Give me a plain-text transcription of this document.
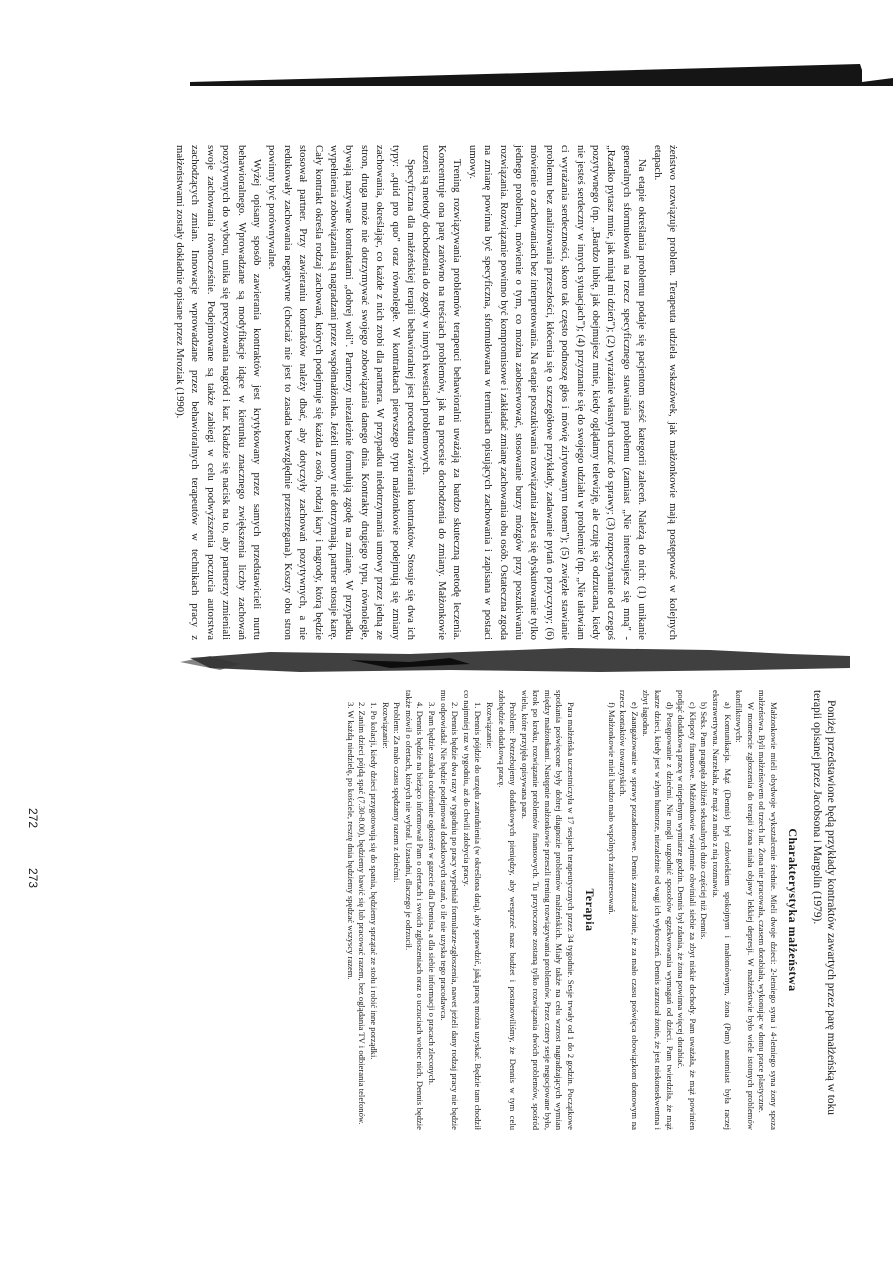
żeństwo rozwiązuje problem. Terapeuta udziela wskazówek, jak małżonkowie mają postępować w kolejnych etapach.

Na etapie określania problemu podaje się pacjentom sześć kategorii zaleceń. Należą do nich: (1) unikanie generalnych sformułowań na rzecz specyficznego stawiania problemu (zamiast „Nie interesujesz się mną" - „Rzadko pytasz mnie, jak minął mi dzień"); (2) wyrażanie własnych uczuć do sprawy; (3) rozpoczynanie od czegoś pozytywnego (np. „Bardzo lubię, jak obejmujesz mnie, kiedy oglądamy telewizję, ale czuję się odrzucana, kiedy nie jesteś serdeczny w innych sytuacjach"); (4) przyznanie się do swojego udziału w problemie (np. „Nie ułatwiam ci wyrażania serdeczności, skoro tak często podnoszę głos i mówię zirytowanym tonem"); (5) zwięzłe stawianie problemu bez analizowania przeszłości, kłócenia się o szczegółowe przykłady, zadawanie pytań o przyczyny; (6) mówienie o zachowaniach bez interpretowania. Na etapie poszukiwania rozwiązania zaleca się dyskutowanie tylko jednego problemu, mówienie o tym, co można zaobserwować, stosowanie burzy mózgów przy poszukiwaniu rozwiązania. Rozwiązanie powinno być kompromisowe i zakładać zmianę zachowania obu osób. Ostateczna zgoda na zmianę powinna być specyficzna, sformułowana w terminach opisujących zachowania i zapisana w postaci umowy.

Trening rozwiązywania problemów terapeuci behawioralni uważają za bardzo skuteczną metodę leczenia. Koncentruje ona parę zarówno na treściach problemów, jak na procesie dochodzenia do zmiany. Małżonkowie uczeni są metody dochodzenia do zgody w innych kwestiach problemowych.

Specyficzna dla małżeńskiej terapii behawioralnej jest procedura zawierania kontraktów. Stosuje się dwa ich typy: „quid pro quo" oraz równoległe. W kontraktach pierwszego typu małżonkowie podejmują się zmiany zachowania, określając, co każde z nich zrobi dla partnera. W przypadku niedotrzymania umowy przez jedną ze stron, druga może nie dotrzymywać swojego zobowiązania danego dnia. Kontrakty drugiego typu, równoległe, bywają nazywane kontraktami „dobrej woli". Partnerzy niezależnie formułują zgodę na zmianę. W przypadku wypełnienia zobowiązania są nagradzani przez współmałżonka. Jeżeli umowy nie dotrzymają, partner stosuje karę. Cały kontrakt określa rodzaj zachowań, których podejmuje się każda z osób, rodzaj kary i nagrody, którą będzie stosował partner. Przy zawieraniu kontraktów należy dbać, aby dotyczyły zachowań pozytywnych, a nie redukowały zachowania negatywne (chociaż nie jest to zasada bezwzględnie przestrzegana). Koszty obu stron powinny być porównywalne.

Wyżej opisany sposób zawierania kontraktów jest krytykowany przez samych przedstawicieli nurtu behawioralnego. Wprowadzane są modyfikacje idące w kierunku znacznego zwiększenia liczby zachowań pozytywnych do wyboru, unika się precyzowania nagród i kar. Kładzie się nacisk na to, aby partnerzy zmieniali swoje zachowania równocześnie. Podejmowane są także zabiegi w celu podwyższenia poczucia autorstwa zachodzących zmian. Innowacje wprowadzane przez behawioralnych terapeutów w technikach pracy z małżeństwami zostały dokładnie opisane przez Mroziak (1990).

Poniżej przedstawione będą przykłady kontraktów zawartych przez parę małżeńską w toku terapii opisanej przez Jacobsona i Margolin (1979).

Charakterystyka małżeństwa

Małżonkowie mieli obydwoje wykształcenie średnie. Mieli dwoje dzieci: 2-letniego syna i 4-letniego syna żony spoza małżeństwa. Byli małżeństwem od trzech lat. Żona nie pracowała, czasem dorabiała, wykonując w domu prace plastyczne.

W momencie zgłoszenia do terapii żona miała objawy lekkiej depresji. W małżeństwie było wiele istotnych problemów konfliktowych:

a) Komunikacja. Mąż (Dennis) był człowiekiem spokojnym i małomównym, żona (Pam) natomiast była raczej ekstrawertywna. Narzekała, że mąż za mało z nią rozmawia.

b) Seks. Pam pragnęła zbliżeń seksualnych dużo częściej niż Dennis.

c) Kłopoty finansowe. Małżonkowie wzajemnie obwiniali siebie za zbyt niskie dochody. Pam uważała, że mąż powinien podjąć dodatkową pracę w niepełnym wymiarze godzin. Dennis był zdania, że żona powinna więcej dorabiać.

d) Postępowanie z dziećmi. Nie mogli uzgodnić sposobów egzekwowania wymagań od dzieci. Pam twierdziła, że mąż karze dzieci, kiedy jest w złym humorze, niezależnie od wagi ich wykroczeń. Dennis zarzucał żonie, że jest niekonsekwentna i zbyt łagodna.

e) Zaangażowanie w sprawy pozadomowe. Dennis zarzucał żonie, że za mało czasu poświęca obowiązkom domowym na rzecz kontaktów towarzyskich.

f) Małżonkowie mieli bardzo mało wspólnych zainteresowań.

Terapia

Para małżeńska uczestniczyła w 17 sesjach terapeutycznych przez 34 tygodnie. Sesje trwały od 1 do 2 godzin. Początkowe spotkania poświęcone były dobrej diagnozie problemów małżeńskich. Miały także na celu wzrost nagradzających wymian między małżonkami. Następnie małżonkowie przeszli trening rozwiązywania problemów. Przez cztery sesje negocjowane było, krok po kroku, rozwiązanie problemów finansowych. Tu przytoczone zostaną tylko rozwiązania dwóch problemów, spośród wielu, które przyjęła opisywana para.

Problem: Potrzebujemy dodatkowych pieniędzy, aby wesprzeć nasz budżet i postanowiliśmy, że Dennis w tym celu zdobędzie dodatkową pracę.

Rozwiązanie:

1. Dennis pójdzie do urzędu zatrudnienia (w określona datą), aby sprawdzić, jaką pracę można uzyskać. Będzie tam chodził co najmniej raz w tygodniu, aż do chwili zdobycia pracy.

2. Dennis będzie dwa razy w tygodniu po pracy wypełniał formularze-zgłoszenia, nawet jeżeli dany rodzaj pracy nie będzie mu odpowiadał. Nie będzie podejmował dodatkowych starań, o ile nie uzyska tego pracodawca.

3. Pam będzie szukała codziennie ogłoszeń w gazecie dla Dennisa, a dla siebie informacji o pracach zleconych.

4. Dennis będzie na bieżąco informował Pam o ofertach i swoich zgłoszeniach oraz o uczuciach wobec nich. Dennis będzie także mówił o ofertach, których nie wybrał. Uzasadni, dlaczego je odrzucił.

Problem: Za mało czasu spędzamy razem z dziećmi.

Rozwiązanie:

1. Po kolacji, kiedy dzieci przygotowują się do spania, będziemy sprzątać ze stołu i robić inne porządki.

2. Zanim dzieci pójdą spać (7.30-8.00), będziemy bawić się lub pracować razem, bez oglądania TV i odbierania telefonów.

3. W każdą niedzielę, po kościele, resztę dnia będziemy spędzać wszyscy razem.

272
273
